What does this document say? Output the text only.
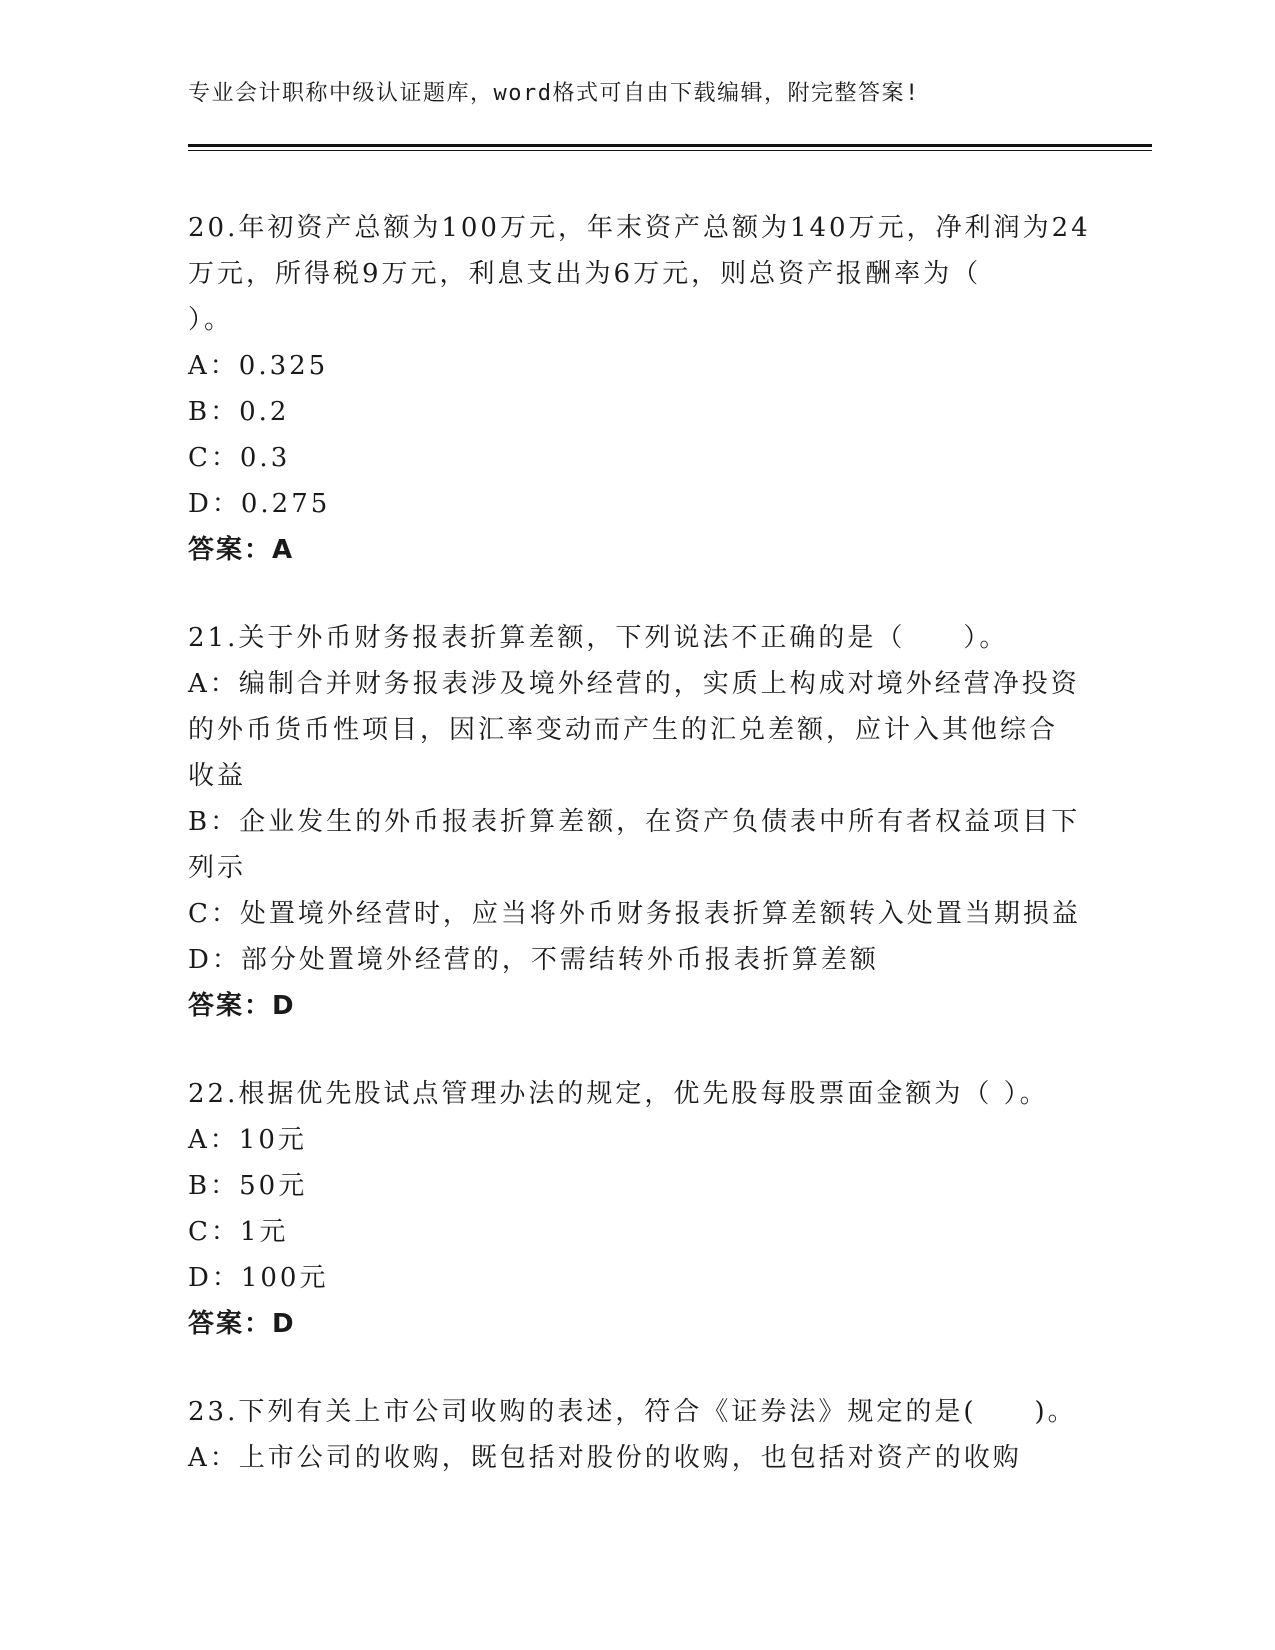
专业会计职称中级认证题库，word格式可自由下载编辑，附完整答案!

20.年初资产总额为100万元，年末资产总额为140万元，净利润为24

万元，所得税9万元，利息支出为6万元，则总资产报酬率为（

）。

A：0.325

B：0.2

C：0.3

D：0.275

答案：A

21.关于外币财务报表折算差额，下列说法不正确的是（　　）。

A：编制合并财务报表涉及境外经营的，实质上构成对境外经营净投资

的外币货币性项目，因汇率变动而产生的汇兑差额，应计入其他综合

收益

B：企业发生的外币报表折算差额，在资产负债表中所有者权益项目下

列示

C：处置境外经营时，应当将外币财务报表折算差额转入处置当期损益

D：部分处置境外经营的，不需结转外币报表折算差额

答案：D

22.根据优先股试点管理办法的规定，优先股每股票面金额为（ ）。

A：10元

B：50元

C：1元

D：100元

答案：D

23.下列有关上市公司收购的表述，符合《证券法》规定的是(　　)。

A：上市公司的收购，既包括对股份的收购，也包括对资产的收购
